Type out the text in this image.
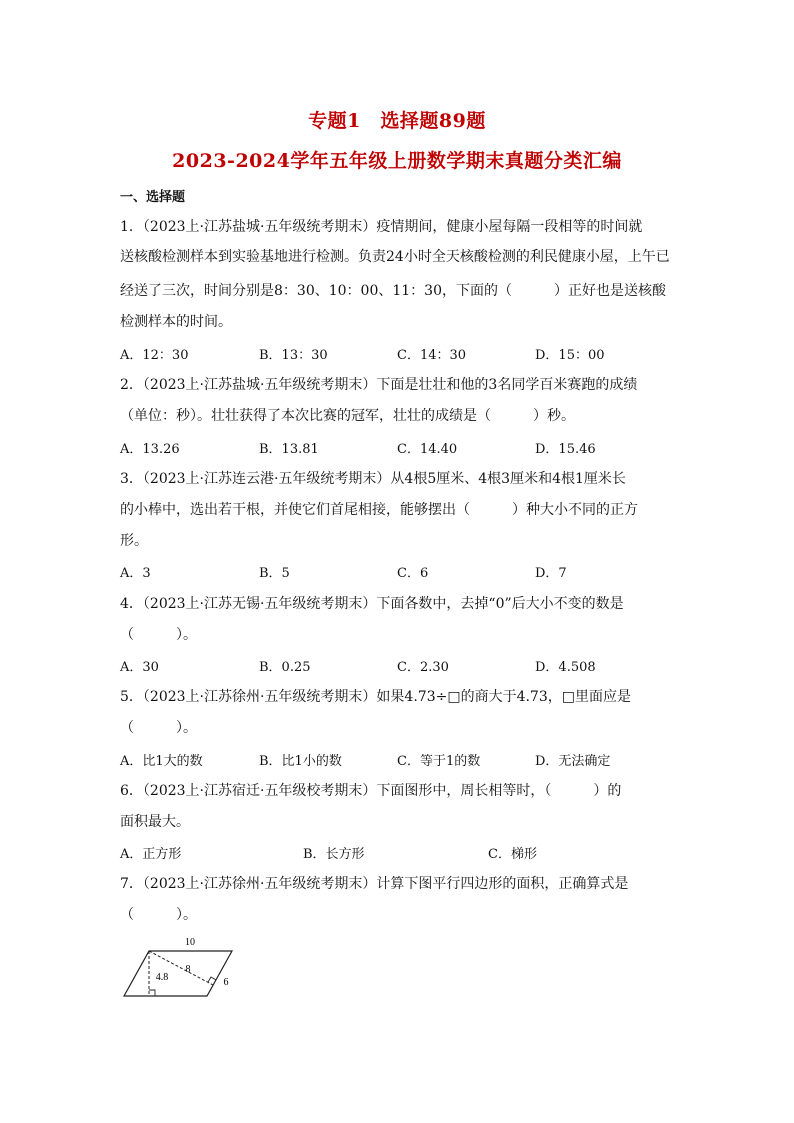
专题1　选择题89题
2023-2024学年五年级上册数学期末真题分类汇编
一、选择题
1．（2023上·江苏盐城·五年级统考期末）疫情期间，健康小屋每隔一段相等的时间就
送核酸检测样本到实验基地进行检测。负责24小时全天核酸检测的利民健康小屋，上午已
经送了三次，时间分别是8：30、10：00、11：30，下面的（　　　）正好也是送核酸
检测样本的时间。
A．12：30	B．13：30	C．14：30	D．15：00
2．（2023上·江苏盐城·五年级统考期末）下面是壮壮和他的3名同学百米赛跑的成绩
（单位：秒）。壮壮获得了本次比赛的冠军，壮壮的成绩是（　　　）秒。
A．13.26	B．13.81	C．14.40	D．15.46
3．（2023上·江苏连云港·五年级统考期末）从4根5厘米、4根3厘米和4根1厘米长
的小棒中，选出若干根，并使它们首尾相接，能够摆出（　　　）种大小不同的正方
形。
A．3	B．5	C．6	D．7
4．（2023上·江苏无锡·五年级统考期末）下面各数中，去掉“0”后大小不变的数是
（　　　）。
A．30	B．0.25	C．2.30	D．4.508
5．（2023上·江苏徐州·五年级统考期末）如果4.73÷□的商大于4.73，□里面应是
（　　　）。
A．比1大的数	B．比1小的数	C．等于1的数	D．无法确定
6．（2023上·江苏宿迁·五年级校考期末）下面图形中，周长相等时，（　　　）的
面积最大。
A．正方形	B．长方形	C．梯形
7．（2023上·江苏徐州·五年级统考期末）计算下图平行四边形的面积，正确算式是
（　　　）。
10
8
4.8	6
